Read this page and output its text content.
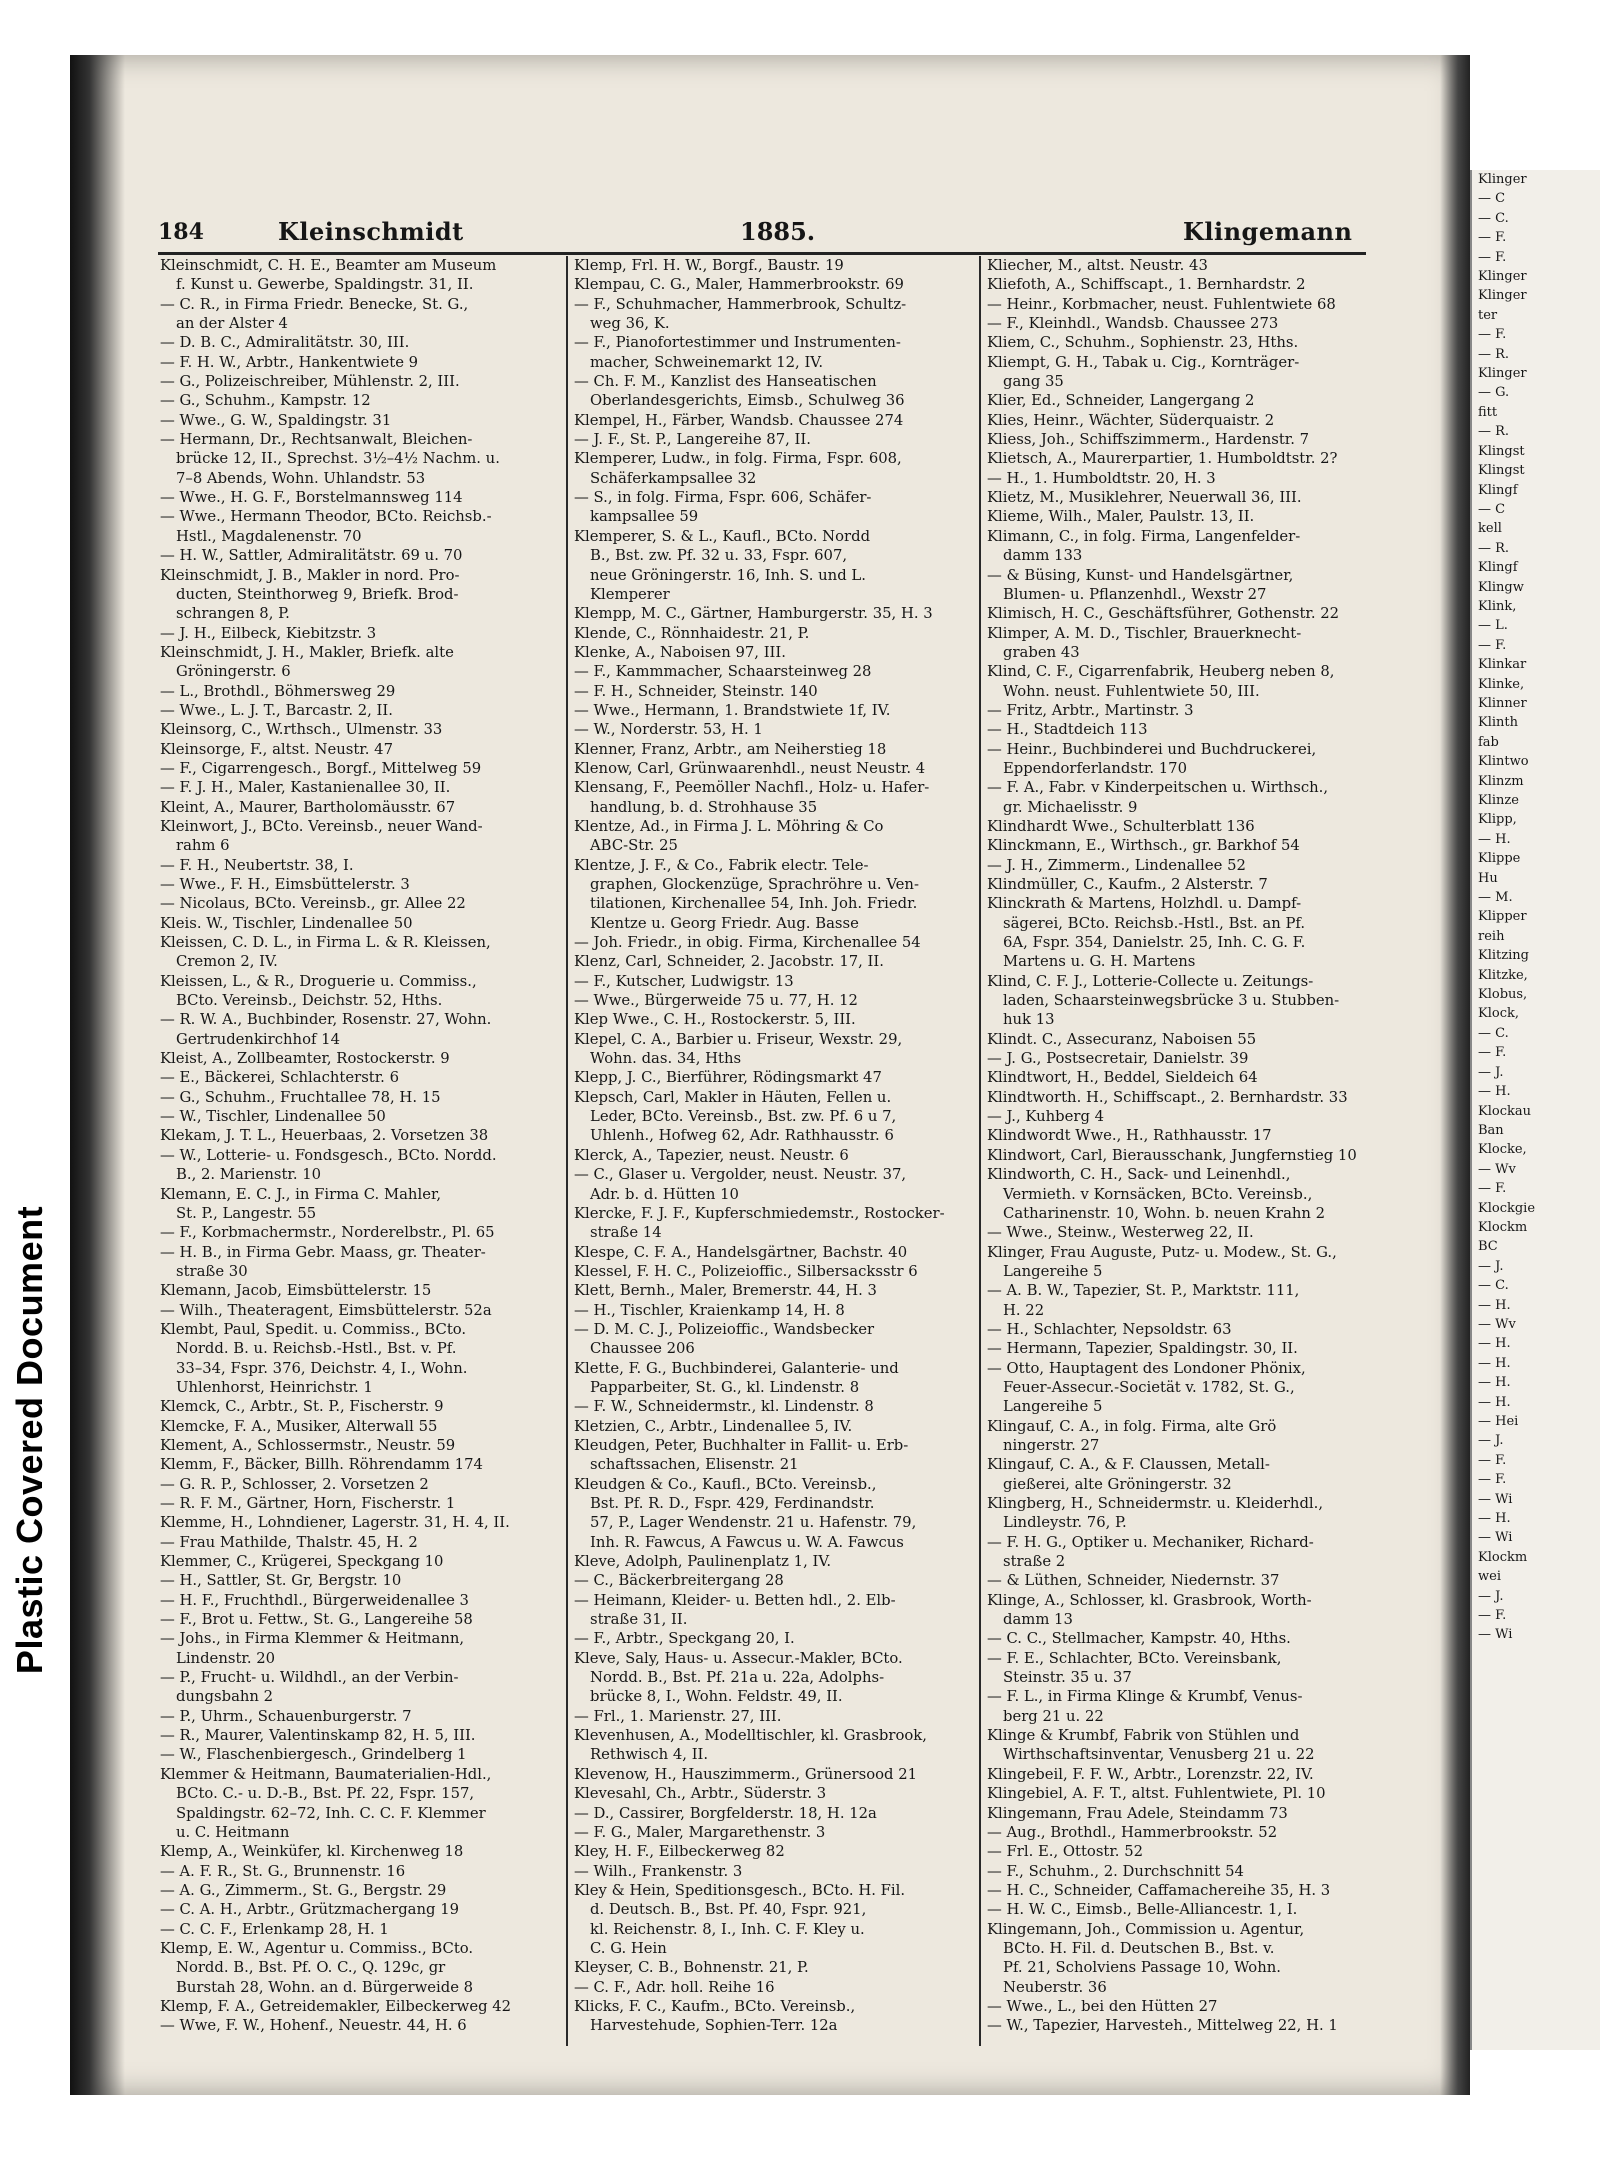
Plastic Covered Document
Klinger
— C
— C.
— F.
— F.
Klinger
Klinger
ter
— F.
— R.
Klinger
— G.
fitt
— R.
Klingst
Klingst
Klingf
— C
kell
— R.
Klingf
Klingw
Klink,
— L.
— F.
Klinkar
Klinke,
Klinner
Klinth
fab
Klintwo
Klinzm
Klinze
Klipp,
— H.
Klippe
Hu
— M.
Klipper
reih
Klitzing
Klitzke,
Klobus,
Klock,
— C.
— F.
— J.
— H.
Klockau
Ban
Klocke,
— Wv
— F.
Klockgie
Klockm
BC
— J.
— C.
— H.
— Wv
— H.
— H.
— H.
— H.
— Hei
— J.
— F.
— F.
— Wi
— H.
— Wi
Klockm
wei
— J.
— F.
— Wi
184	Kleinschmidt	1885.	Klingemann

Kleinschmidt, C. H. E., Beamter am Museum

f. Kunst u. Gewerbe, Spaldingstr. 31, II.

— C. R., in Firma Friedr. Benecke, St. G.,

an der Alster 4

— D. B. C., Admiralitätstr. 30, III.

— F. H. W., Arbtr., Hankentwiete 9

— G., Polizeischreiber, Mühlenstr. 2, III.

— G., Schuhm., Kampstr. 12

— Wwe., G. W., Spaldingstr. 31

— Hermann, Dr., Rechtsanwalt, Bleichen-

brücke 12, II., Sprechst. 3½–4½ Nachm. u.

7–8 Abends, Wohn. Uhlandstr. 53

— Wwe., H. G. F., Borstelmannsweg 114

— Wwe., Hermann Theodor, BCto. Reichsb.-

Hstl., Magdalenenstr. 70

— H. W., Sattler, Admiralitätstr. 69 u. 70

Kleinschmidt, J. B., Makler in nord. Pro-

ducten, Steinthorweg 9, Briefk. Brod-

schrangen 8, P.

— J. H., Eilbeck, Kiebitzstr. 3

Kleinschmidt, J. H., Makler, Briefk. alte

Gröningerstr. 6

— L., Brothdl., Böhmersweg 29

— Wwe., L. J. T., Barcastr. 2, II.

Kleinsorg, C., W.rthsch., Ulmenstr. 33

Kleinsorge, F., altst. Neustr. 47

— F., Cigarrengesch., Borgf., Mittelweg 59

— F. J. H., Maler, Kastanienallee 30, II.

Kleint, A., Maurer, Bartholomäusstr. 67

Kleinwort, J., BCto. Vereinsb., neuer Wand-

rahm 6

— F. H., Neubertstr. 38, I.

— Wwe., F. H., Eimsbüttelerstr. 3

— Nicolaus, BCto. Vereinsb., gr. Allee 22

Kleis. W., Tischler, Lindenallee 50

Kleissen, C. D. L., in Firma L. & R. Kleissen,

Cremon 2, IV.

Kleissen, L., & R., Droguerie u. Commiss.,

BCto. Vereinsb., Deichstr. 52, Hths.

— R. W. A., Buchbinder, Rosenstr. 27, Wohn.

Gertrudenkirchhof 14

Kleist, A., Zollbeamter, Rostockerstr. 9

— E., Bäckerei, Schlachterstr. 6

— G., Schuhm., Fruchtallee 78, H. 15

— W., Tischler, Lindenallee 50

Klekam, J. T. L., Heuerbaas, 2. Vorsetzen 38

— W., Lotterie- u. Fondsgesch., BCto. Nordd.

B., 2. Marienstr. 10

Klemann, E. C. J., in Firma C. Mahler,

St. P., Langestr. 55

— F., Korbmachermstr., Norderelbstr., Pl. 65

— H. B., in Firma Gebr. Maass, gr. Theater-

straße 30

Klemann, Jacob, Eimsbüttelerstr. 15

— Wilh., Theateragent, Eimsbüttelerstr. 52a

Klembt, Paul, Spedit. u. Commiss., BCto.

Nordd. B. u. Reichsb.-Hstl., Bst. v. Pf.

33–34, Fspr. 376, Deichstr. 4, I., Wohn.

Uhlenhorst, Heinrichstr. 1

Klemck, C., Arbtr., St. P., Fischerstr. 9

Klemcke, F. A., Musiker, Alterwall 55

Klement, A., Schlossermstr., Neustr. 59

Klemm, F., Bäcker, Billh. Röhrendamm 174

— G. R. P., Schlosser, 2. Vorsetzen 2

— R. F. M., Gärtner, Horn, Fischerstr. 1

Klemme, H., Lohndiener, Lagerstr. 31, H. 4, II.

— Frau Mathilde, Thalstr. 45, H. 2

Klemmer, C., Krügerei, Speckgang 10

— H., Sattler, St. Gr, Bergstr. 10

— H. F., Fruchthdl., Bürgerweidenallee 3

— F., Brot u. Fettw., St. G., Langereihe 58

— Johs., in Firma Klemmer & Heitmann,

Lindenstr. 20

— P., Frucht- u. Wildhdl., an der Verbin-

dungsbahn 2

— P., Uhrm., Schauenburgerstr. 7

— R., Maurer, Valentinskamp 82, H. 5, III.

— W., Flaschenbiergesch., Grindelberg 1

Klemmer & Heitmann, Baumaterialien-Hdl.,

BCto. C.- u. D.-B., Bst. Pf. 22, Fspr. 157,

Spaldingstr. 62–72, Inh. C. C. F. Klemmer

u. C. Heitmann

Klemp, A., Weinküfer, kl. Kirchenweg 18

— A. F. R., St. G., Brunnenstr. 16

— A. G., Zimmerm., St. G., Bergstr. 29

— C. A. H., Arbtr., Grützmachergang 19

— C. C. F., Erlenkamp 28, H. 1

Klemp, E. W., Agentur u. Commiss., BCto.

Nordd. B., Bst. Pf. O. C., Q. 129c, gr

Burstah 28, Wohn. an d. Bürgerweide 8

Klemp, F. A., Getreidemakler, Eilbeckerweg 42

— Wwe, F. W., Hohenf., Neuestr. 44, H. 6

Klemp, Frl. H. W., Borgf., Baustr. 19

Klempau, C. G., Maler, Hammerbrookstr. 69

— F., Schuhmacher, Hammerbrook, Schultz-

weg 36, K.

— F., Pianofortestimmer und Instrumenten-

macher, Schweinemarkt 12, IV.

— Ch. F. M., Kanzlist des Hanseatischen

Oberlandesgerichts, Eimsb., Schulweg 36

Klempel, H., Färber, Wandsb. Chaussee 274

— J. F., St. P., Langereihe 87, II.

Klemperer, Ludw., in folg. Firma, Fspr. 608,

Schäferkampsallee 32

— S., in folg. Firma, Fspr. 606, Schäfer-

kampsallee 59

Klemperer, S. & L., Kaufl., BCto. Nordd

B., Bst. zw. Pf. 32 u. 33, Fspr. 607,

neue Gröningerstr. 16, Inh. S. und L.

Klemperer

Klempp, M. C., Gärtner, Hamburgerstr. 35, H. 3

Klende, C., Rönnhaidestr. 21, P.

Klenke, A., Naboisen 97, III.

— F., Kammmacher, Schaarsteinweg 28

— F. H., Schneider, Steinstr. 140

— Wwe., Hermann, 1. Brandstwiete 1f, IV.

— W., Norderstr. 53, H. 1

Klenner, Franz, Arbtr., am Neiherstieg 18

Klenow, Carl, Grünwaarenhdl., neust Neustr. 4

Klensang, F., Peemöller Nachfl., Holz- u. Hafer-

handlung, b. d. Strohhause 35

Klentze, Ad., in Firma J. L. Möhring & Co

ABC-Str. 25

Klentze, J. F., & Co., Fabrik electr. Tele-

graphen, Glockenzüge, Sprachröhre u. Ven-

tilationen, Kirchenallee 54, Inh. Joh. Friedr.

Klentze u. Georg Friedr. Aug. Basse

— Joh. Friedr., in obig. Firma, Kirchenallee 54

Klenz, Carl, Schneider, 2. Jacobstr. 17, II.

— F., Kutscher, Ludwigstr. 13

— Wwe., Bürgerweide 75 u. 77, H. 12

Klep Wwe., C. H., Rostockerstr. 5, III.

Klepel, C. A., Barbier u. Friseur, Wexstr. 29,

Wohn. das. 34, Hths

Klepp, J. C., Bierführer, Rödingsmarkt 47

Klepsch, Carl, Makler in Häuten, Fellen u.

Leder, BCto. Vereinsb., Bst. zw. Pf. 6 u 7,

Uhlenh., Hofweg 62, Adr. Rathhausstr. 6

Klerck, A., Tapezier, neust. Neustr. 6

— C., Glaser u. Vergolder, neust. Neustr. 37,

Adr. b. d. Hütten 10

Klercke, F. J. F., Kupferschmiedemstr., Rostocker-

straße 14

Klespe, C. F. A., Handelsgärtner, Bachstr. 40

Klessel, F. H. C., Polizeioffic., Silbersacksstr 6

Klett, Bernh., Maler, Bremerstr. 44, H. 3

— H., Tischler, Kraienkamp 14, H. 8

— D. M. C. J., Polizeioffic., Wandsbecker

Chaussee 206

Klette, F. G., Buchbinderei, Galanterie- und

Papparbeiter, St. G., kl. Lindenstr. 8

— F. W., Schneidermstr., kl. Lindenstr. 8

Kletzien, C., Arbtr., Lindenallee 5, IV.

Kleudgen, Peter, Buchhalter in Fallit- u. Erb-

schaftssachen, Elisenstr. 21

Kleudgen & Co., Kaufl., BCto. Vereinsb.,

Bst. Pf. R. D., Fspr. 429, Ferdinandstr.

57, P., Lager Wendenstr. 21 u. Hafenstr. 79,

Inh. R. Fawcus, A Fawcus u. W. A. Fawcus

Kleve, Adolph, Paulinenplatz 1, IV.

— C., Bäckerbreitergang 28

— Heimann, Kleider- u. Betten hdl., 2. Elb-

straße 31, II.

— F., Arbtr., Speckgang 20, I.

Kleve, Saly, Haus- u. Assecur.-Makler, BCto.

Nordd. B., Bst. Pf. 21a u. 22a, Adolphs-

brücke 8, I., Wohn. Feldstr. 49, II.

— Frl., 1. Marienstr. 27, III.

Klevenhusen, A., Modelltischler, kl. Grasbrook,

Rethwisch 4, II.

Klevenow, H., Hauszimmerm., Grünersood 21

Klevesahl, Ch., Arbtr., Süderstr. 3

— D., Cassirer, Borgfelderstr. 18, H. 12a

— F. G., Maler, Margarethenstr. 3

Kley, H. F., Eilbeckerweg 82

— Wilh., Frankenstr. 3

Kley & Hein, Speditionsgesch., BCto. H. Fil.

d. Deutsch. B., Bst. Pf. 40, Fspr. 921,

kl. Reichenstr. 8, I., Inh. C. F. Kley u.

C. G. Hein

Kleyser, C. B., Bohnenstr. 21, P.

— C. F., Adr. holl. Reihe 16

Klicks, F. C., Kaufm., BCto. Vereinsb.,

Harvestehude, Sophien-Terr. 12a

Kliecher, M., altst. Neustr. 43

Kliefoth, A., Schiffscapt., 1. Bernhardstr. 2

— Heinr., Korbmacher, neust. Fuhlentwiete 68

— F., Kleinhdl., Wandsb. Chaussee 273

Kliem, C., Schuhm., Sophienstr. 23, Hths.

Kliempt, G. H., Tabak u. Cig., Kornträger-

gang 35

Klier, Ed., Schneider, Langergang 2

Klies, Heinr., Wächter, Süderquaistr. 2

Kliess, Joh., Schiffszimmerm., Hardenstr. 7

Klietsch, A., Maurerpartier, 1. Humboldtstr. 2?

— H., 1. Humboldtstr. 20, H. 3

Klietz, M., Musiklehrer, Neuerwall 36, III.

Klieme, Wilh., Maler, Paulstr. 13, II.

Klimann, C., in folg. Firma, Langenfelder-

damm 133

— & Büsing, Kunst- und Handelsgärtner,

Blumen- u. Pflanzenhdl., Wexstr 27

Klimisch, H. C., Geschäftsführer, Gothenstr. 22

Klimper, A. M. D., Tischler, Brauerknecht-

graben 43

Klind, C. F., Cigarrenfabrik, Heuberg neben 8,

Wohn. neust. Fuhlentwiete 50, III.

— Fritz, Arbtr., Martinstr. 3

— H., Stadtdeich 113

— Heinr., Buchbinderei und Buchdruckerei,

Eppendorferlandstr. 170

— F. A., Fabr. v Kinderpeitschen u. Wirthsch.,

gr. Michaelisstr. 9

Klindhardt Wwe., Schulterblatt 136

Klinckmann, E., Wirthsch., gr. Barkhof 54

— J. H., Zimmerm., Lindenallee 52

Klindmüller, C., Kaufm., 2 Alsterstr. 7

Klinckrath & Martens, Holzhdl. u. Dampf-

sägerei, BCto. Reichsb.-Hstl., Bst. an Pf.

6A, Fspr. 354, Danielstr. 25, Inh. C. G. F.

Martens u. G. H. Martens

Klind, C. F. J., Lotterie-Collecte u. Zeitungs-

laden, Schaarsteinwegsbrücke 3 u. Stubben-

huk 13

Klindt. C., Assecuranz, Naboisen 55

— J. G., Postsecretair, Danielstr. 39

Klindtwort, H., Beddel, Sieldeich 64

Klindtworth. H., Schiffscapt., 2. Bernhardstr. 33

— J., Kuhberg 4

Klindwordt Wwe., H., Rathhausstr. 17

Klindwort, Carl, Bierausschank, Jungfernstieg 10

Klindworth, C. H., Sack- und Leinenhdl.,

Vermieth. v Kornsäcken, BCto. Vereinsb.,

Catharinenstr. 10, Wohn. b. neuen Krahn 2

— Wwe., Steinw., Westerweg 22, II.

Klinger, Frau Auguste, Putz- u. Modew., St. G.,

Langereihe 5

— A. B. W., Tapezier, St. P., Marktstr. 111,

H. 22

— H., Schlachter, Nepsoldstr. 63

— Hermann, Tapezier, Spaldingstr. 30, II.

— Otto, Hauptagent des Londoner Phönix,

Feuer-Assecur.-Societät v. 1782, St. G.,

Langereihe 5

Klingauf, C. A., in folg. Firma, alte Grö

ningerstr. 27

Klingauf, C. A., & F. Claussen, Metall-

gießerei, alte Gröningerstr. 32

Klingberg, H., Schneidermstr. u. Kleiderhdl.,

Lindleystr. 76, P.

— F. H. G., Optiker u. Mechaniker, Richard-

straße 2

— & Lüthen, Schneider, Niedernstr. 37

Klinge, A., Schlosser, kl. Grasbrook, Worth-

damm 13

— C. C., Stellmacher, Kampstr. 40, Hths.

— F. E., Schlachter, BCto. Vereinsbank,

Steinstr. 35 u. 37

— F. L., in Firma Klinge & Krumbf, Venus-

berg 21 u. 22

Klinge & Krumbf, Fabrik von Stühlen und

Wirthschaftsinventar, Venusberg 21 u. 22

Klingebeil, F. F. W., Arbtr., Lorenzstr. 22, IV.

Klingebiel, A. F. T., altst. Fuhlentwiete, Pl. 10

Klingemann, Frau Adele, Steindamm 73

— Aug., Brothdl., Hammerbrookstr. 52

— Frl. E., Ottostr. 52

— F., Schuhm., 2. Durchschnitt 54

— H. C., Schneider, Caffamachereihe 35, H. 3

— H. W. C., Eimsb., Belle-Alliancestr. 1, I.

Klingemann, Joh., Commission u. Agentur,

BCto. H. Fil. d. Deutschen B., Bst. v.

Pf. 21, Scholviens Passage 10, Wohn.

Neuberstr. 36

— Wwe., L., bei den Hütten 27

— W., Tapezier, Harvesteh., Mittelweg 22, H. 1
